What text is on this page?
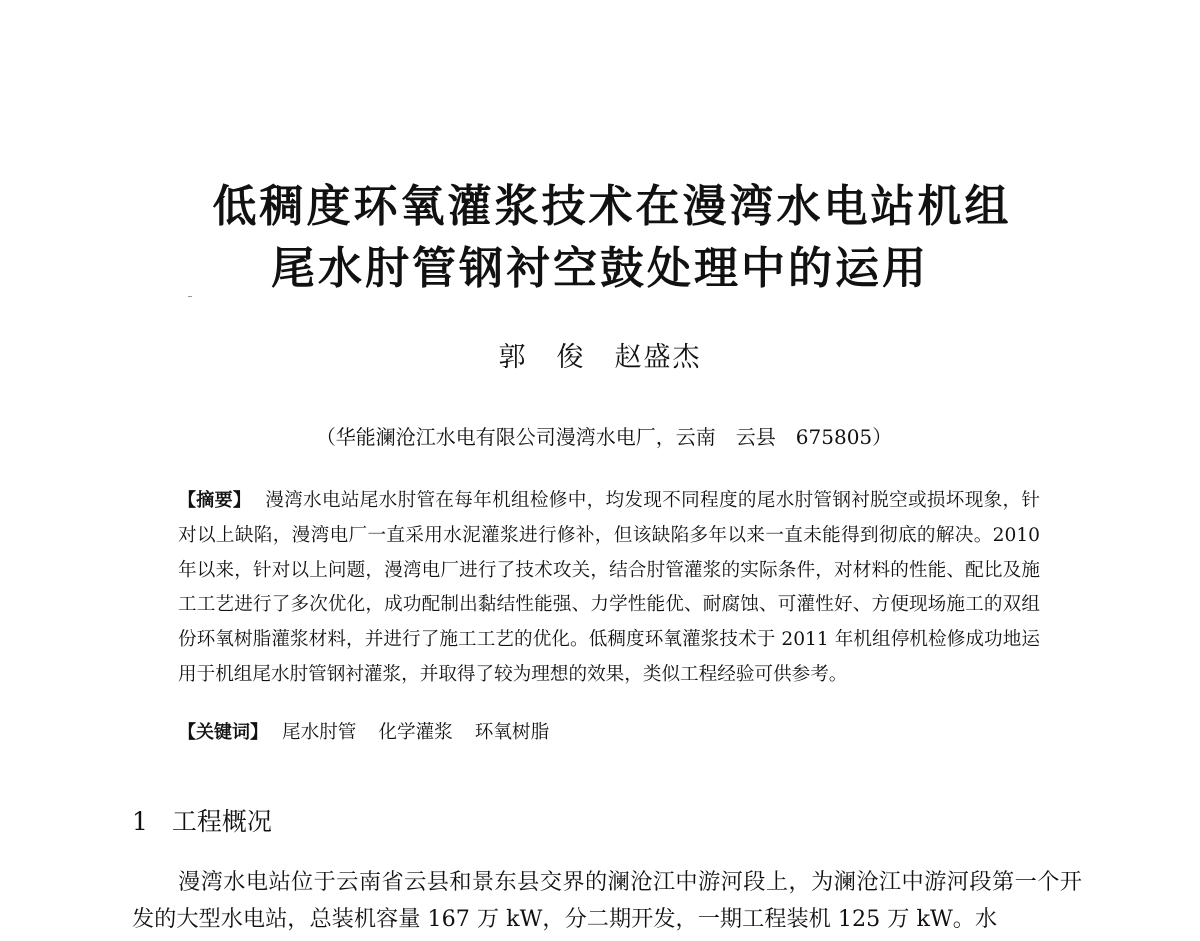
低稠度环氧灌浆技术在漫湾水电站机组
尾水肘管钢衬空鼓处理中的运用
郭　俊　赵盛杰
（华能澜沧江水电有限公司漫湾水电厂，云南　云县　675805）

【摘要】 漫湾水电站尾水肘管在每年机组检修中，均发现不同程度的尾水肘管钢衬脱空或损坏现象，针对以上缺陷，漫湾电厂一直采用水泥灌浆进行修补，但该缺陷多年以来一直未能得到彻底的解决。2010 年以来，针对以上问题，漫湾电厂进行了技术攻关，结合肘管灌浆的实际条件，对材料的性能、配比及施工工艺进行了多次优化，成功配制出黏结性能强、力学性能优、耐腐蚀、可灌性好、方便现场施工的双组份环氧树脂灌浆材料，并进行了施工工艺的优化。低稠度环氧灌浆技术于 2011 年机组停机检修成功地运用于机组尾水肘管钢衬灌浆，并取得了较为理想的效果，类似工程经验可供参考。

【关键词】 尾水肘管 化学灌浆 环氧树脂
1 工程概况

漫湾水电站位于云南省云县和景东县交界的澜沧江中游河段上，为澜沧江中游河段第一个开发的大型水电站，总装机容量 167 万 kW，分二期开发，一期工程装机 125 万 kW。水
